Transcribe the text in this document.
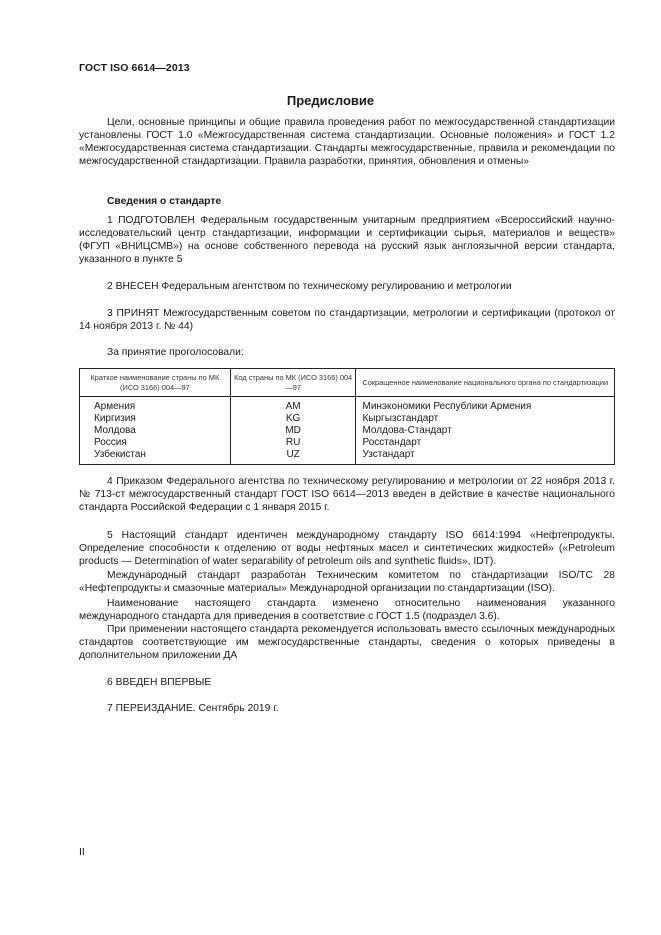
ГОСТ ISO 6614—2013
Предисловие

Цели, основные принципы и общие правила проведения работ по межгосударственной стандартизации установлены ГОСТ 1.0 «Межгосударственная система стандартизации. Основные положения» и ГОСТ 1.2 «Межгосударственная система стандартизации. Стандарты межгосударственные, правила и рекомендации по межгосударственной стандартизации. Правила разработки, принятия, обновления и отмены»

Сведения о стандарте

1 ПОДГОТОВЛЕН Федеральным государственным унитарным предприятием «Всероссийский научно-исследовательский центр стандартизации, информации и сертификации сырья, материалов и веществ» (ФГУП «ВНИЦСМВ») на основе собственного перевода на русский язык англоязычной версии стандарта, указанного в пункте 5

2 ВНЕСЕН Федеральным агентством по техническому регулированию и метрологии

3 ПРИНЯТ Межгосударственным советом по стандартизации, метрологии и сертификации (протокол от 14 ноября 2013 г. № 44)

За принятие проголосовали:

Краткое наименование страны по МК (ИСО 3166) 004—97	Код страны по МК (ИСО 3166) 004—97	Сокращенное наименование национального органа по стандартизации
Армения	AM	Минэкономики Республики Армения
Киргизия	KG	Кыргызстандарт
Молдова	MD	Молдова-Стандарт
Россия	RU	Росстандарт
Узбекистан	UZ	Узстандарт

4 Приказом Федерального агентства по техническому регулированию и метрологии от 22 ноября 2013 г. № 713-ст межгосударственный стандарт ГОСТ ISO 6614—2013 введен в действие в качестве национального стандарта Российской Федерации с 1 января 2015 г.

5 Настоящий стандарт идентичен международному стандарту ISO 6614:1994 «Нефтепродукты. Определение способности к отделению от воды нефтяных масел и синтетических жидкостей» («Petroleum products — Determination of water separability of petroleum oils and synthetic fluids», IDT).

Международный стандарт разработан Техническим комитетом по стандартизации ISO/TC 28 «Нефтепродукты и смазочные материалы» Международной организации по стандартизации (ISO).

Наименование настоящего стандарта изменено относительно наименования указанного международного стандарта для приведения в соответствие с ГОСТ 1.5 (подраздел 3.6).

При применении настоящего стандарта рекомендуется использовать вместо ссылочных международных стандартов соответствующие им межгосударственные стандарты, сведения о которых приведены в дополнительном приложении ДА

6 ВВЕДЕН ВПЕРВЫЕ

7 ПЕРЕИЗДАНИЕ. Сентябрь 2019 г.

II
